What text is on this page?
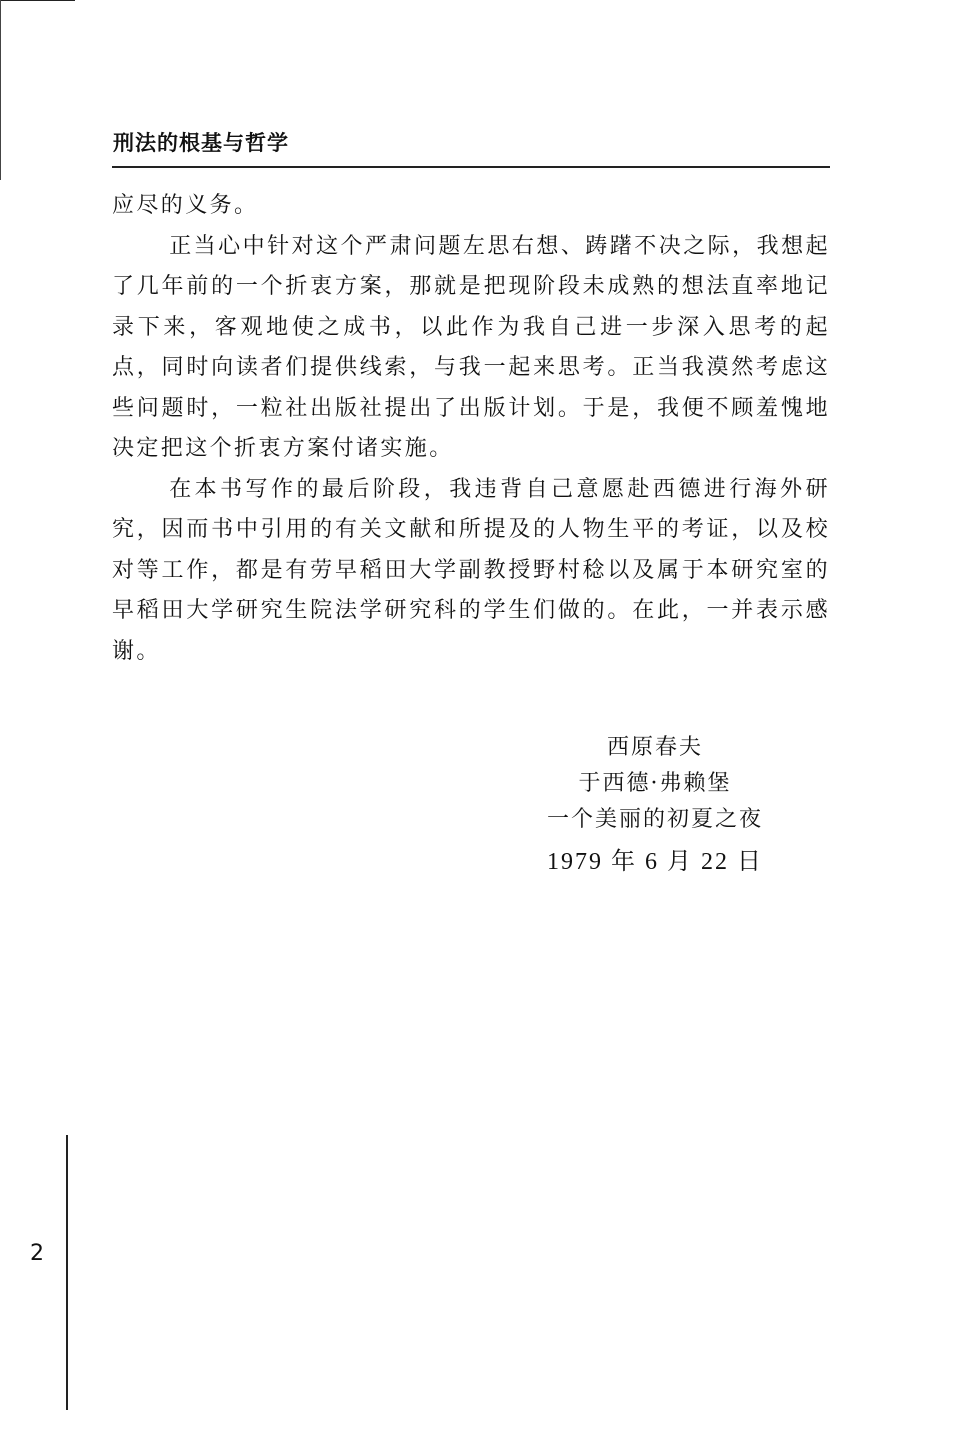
刑法的根基与哲学

应尽的义务。

正当心中针对这个严肃问题左思右想、踌躇不决之际，我想起了几年前的一个折衷方案，那就是把现阶段未成熟的想法直率地记录下来，客观地使之成书，以此作为我自己进一步深入思考的起点，同时向读者们提供线索，与我一起来思考。正当我漠然考虑这些问题时，一粒社出版社提出了出版计划。于是，我便不顾羞愧地决定把这个折衷方案付诸实施。

在本书写作的最后阶段，我违背自己意愿赴西德进行海外研究，因而书中引用的有关文献和所提及的人物生平的考证，以及校对等工作，都是有劳早稻田大学副教授野村稔以及属于本研究室的早稻田大学研究生院法学研究科的学生们做的。在此，一并表示感谢。

西原春夫
于西德·弗赖堡
一个美丽的初夏之夜
1979 年 6 月 22 日
2
